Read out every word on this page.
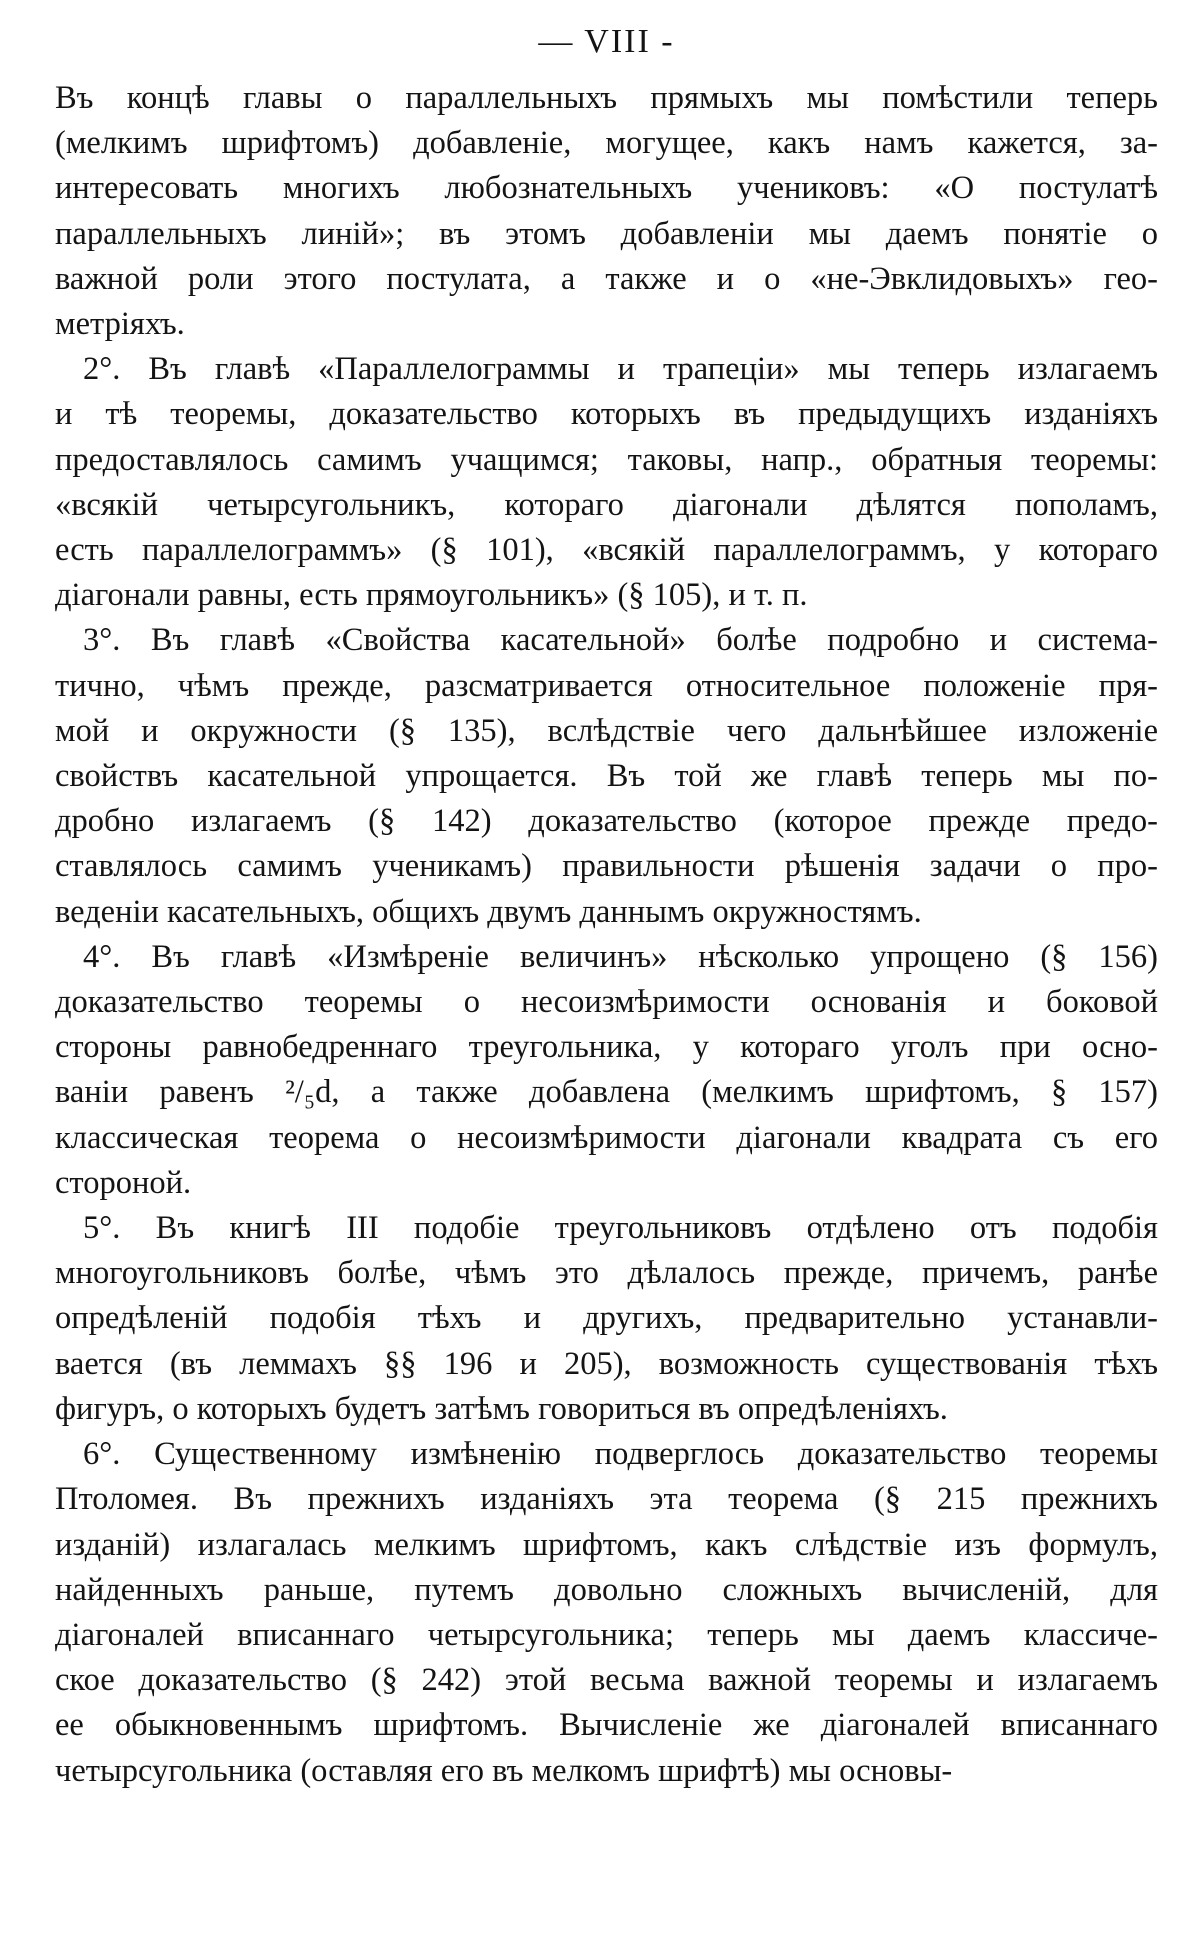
— VIII -

Въ концѣ главы о параллельныхъ прямыхъ мы помѣстили теперь
(мелкимъ шрифтомъ) добавленіе, могущее, какъ намъ кажется, за-
интересовать многихъ любознательныхъ учениковъ: «О постулатѣ
параллельныхъ линій»; въ этомъ добавленіи мы даемъ понятіе о
важной роли этого постулата, а также и о «не-Эвклидовыхъ» гео-
метріяхъ.

2°. Въ главѣ «Параллелограммы и трапеціи» мы теперь излагаемъ
и тѣ теоремы, доказательство которыхъ въ предыдущихъ изданіяхъ
предоставлялось самимъ учащимся; таковы, напр., обратныя теоремы:
«всякій четырсугольникъ, котораго діагонали дѣлятся пополамъ,
есть параллелограммъ» (§ 101), «всякій параллелограммъ, у котораго
діагонали равны, есть прямоугольникъ» (§ 105), и т. п.

3°. Въ главѣ «Свойства касательной» болѣе подробно и система-
тично, чѣмъ прежде, разсматривается относительное положеніе пря-
мой и окружности (§ 135), вслѣдствіе чего дальнѣйшее изложеніе
свойствъ касательной упрощается. Въ той же главѣ теперь мы по-
дробно излагаемъ (§ 142) доказательство (которое прежде предо-
ставлялось самимъ ученикамъ) правильности рѣшенія задачи о про-
веденіи касательныхъ, общихъ двумъ даннымъ окружностямъ.

4°. Въ главѣ «Измѣреніе величинъ» нѣсколько упрощено (§ 156)
доказательство теоремы о несоизмѣримости основанія и боковой
стороны равнобедреннаго треугольника, у котораго уголъ при осно-
ваніи равенъ ²/₅d, а также добавлена (мелкимъ шрифтомъ, § 157)
классическая теорема о несоизмѣримости діагонали квадрата съ его
стороной.

5°. Въ книгѣ III подобіе треугольниковъ отдѣлено отъ подобія
многоугольниковъ болѣе, чѣмъ это дѣлалось прежде, причемъ, ранѣе
опредѣленій подобія тѣхъ и другихъ, предварительно устанавли-
вается (въ леммахъ §§ 196 и 205), возможность существованія тѣхъ
фигуръ, о которыхъ будетъ затѣмъ говориться въ опредѣленіяхъ.

6°. Существенному измѣненію подверглось доказательство теоремы
Птоломея. Въ прежнихъ изданіяхъ эта теорема (§ 215 прежнихъ
изданій) излагалась мелкимъ шрифтомъ, какъ слѣдствіе изъ формулъ,
найденныхъ раньше, путемъ довольно сложныхъ вычисленій, для
діагоналей вписаннаго четырсугольника; теперь мы даемъ классиче-
ское доказательство (§ 242) этой весьма важной теоремы и излагаемъ
ее обыкновеннымъ шрифтомъ. Вычисленіе же діагоналей вписаннаго
четырсугольника (оставляя его въ мелкомъ шрифтѣ) мы основы-
